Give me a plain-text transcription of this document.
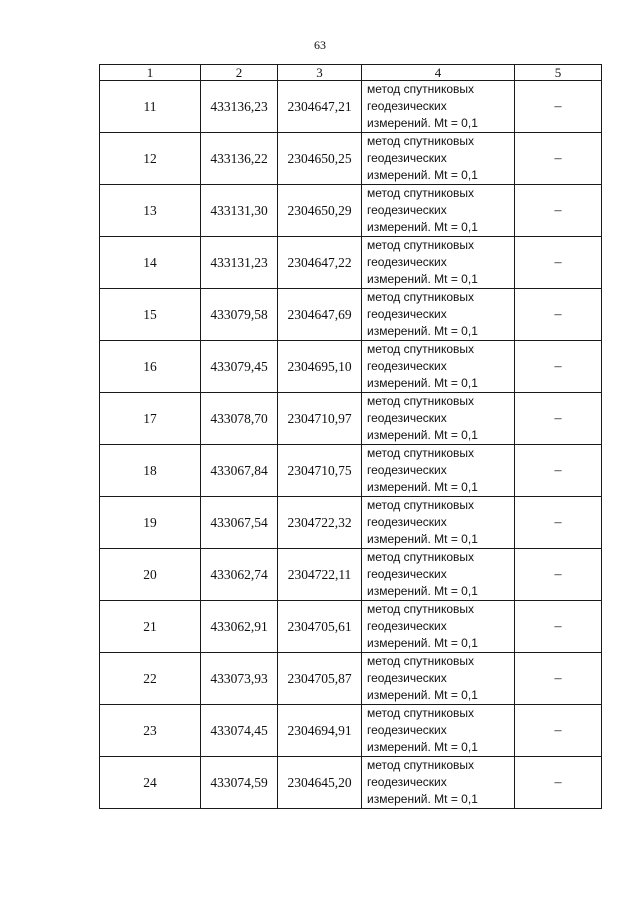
63
1	2	3	4	5
11	433136,23	2304647,21	метод спутниковых
геодезических
измерений. Mt = 0,1	–
12	433136,22	2304650,25	метод спутниковых
геодезических
измерений. Mt = 0,1	–
13	433131,30	2304650,29	метод спутниковых
геодезических
измерений. Mt = 0,1	–
14	433131,23	2304647,22	метод спутниковых
геодезических
измерений. Mt = 0,1	–
15	433079,58	2304647,69	метод спутниковых
геодезических
измерений. Mt = 0,1	–
16	433079,45	2304695,10	метод спутниковых
геодезических
измерений. Mt = 0,1	–
17	433078,70	2304710,97	метод спутниковых
геодезических
измерений. Mt = 0,1	–
18	433067,84	2304710,75	метод спутниковых
геодезических
измерений. Mt = 0,1	–
19	433067,54	2304722,32	метод спутниковых
геодезических
измерений. Mt = 0,1	–
20	433062,74	2304722,11	метод спутниковых
геодезических
измерений. Mt = 0,1	–
21	433062,91	2304705,61	метод спутниковых
геодезических
измерений. Mt = 0,1	–
22	433073,93	2304705,87	метод спутниковых
геодезических
измерений. Mt = 0,1	–
23	433074,45	2304694,91	метод спутниковых
геодезических
измерений. Mt = 0,1	–
24	433074,59	2304645,20	метод спутниковых
геодезических
измерений. Mt = 0,1	–
